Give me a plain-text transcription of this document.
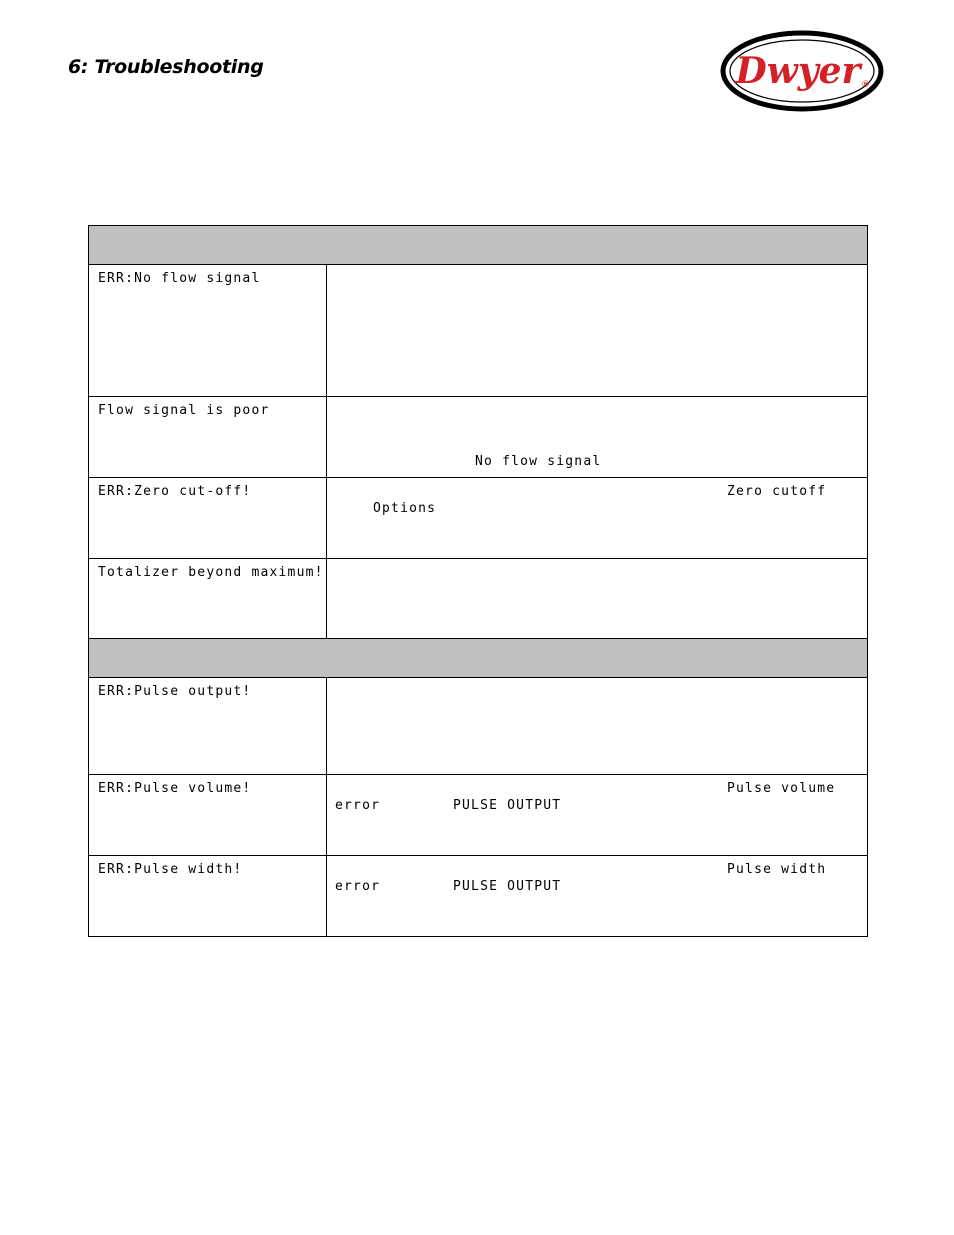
6: Troubleshooting	Dwyer ®

ERR:No flow signal	

Flow signal is poor	No flow signal

ERR:Zero cut-off!	Zero cutoff
Options

Totalizer beyond maximum!	

ERR:Pulse output!	

ERR:Pulse volume!	Pulse volume
error PULSE OUTPUT

ERR:Pulse width!	Pulse width
error PULSE OUTPUT
